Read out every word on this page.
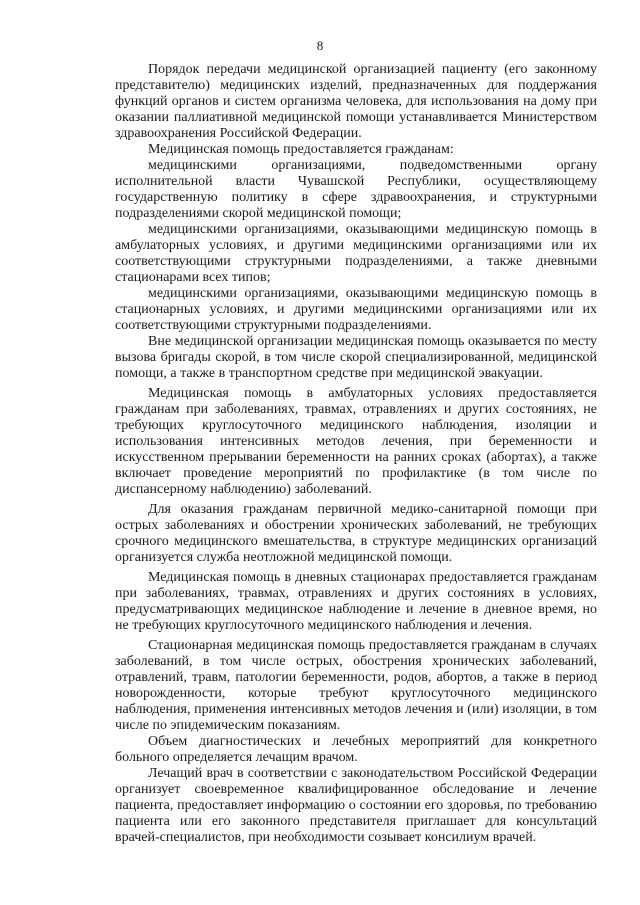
8

Порядок передачи медицинской организацией пациенту (его законному представителю) медицинских изделий, предназначенных для поддержания функций органов и систем организма человека, для использования на дому при оказании паллиативной медицинской помощи устанавливается Министерством здравоохранения Российской Федерации.

Медицинская помощь предоставляется гражданам:

медицинскими организациями, подведомственными органу исполнительной власти Чувашской Республики, осуществляющему государственную политику в сфере здравоохранения, и структурными подразделениями скорой медицинской помощи;

медицинскими организациями, оказывающими медицинскую помощь в амбулаторных условиях, и другими медицинскими организациями или их соответствующими структурными подразделениями, а также дневными стационарами всех типов;

медицинскими организациями, оказывающими медицинскую помощь в стационарных условиях, и другими медицинскими организациями или их соответствующими структурными подразделениями.

Вне медицинской организации медицинская помощь оказывается по месту вызова бригады скорой, в том числе скорой специализированной, медицинской помощи, а также в транспортном средстве при медицинской эвакуации.

Медицинская помощь в амбулаторных условиях предоставляется гражданам при заболеваниях, травмах, отравлениях и других состояниях, не требующих круглосуточного медицинского наблюдения, изоляции и использования интенсивных методов лечения, при беременности и искусственном прерывании беременности на ранних сроках (абортах), а также включает проведение мероприятий по профилактике (в том числе по диспансерному наблюдению) заболеваний.

Для оказания гражданам первичной медико-санитарной помощи при острых заболеваниях и обострении хронических заболеваний, не требующих срочного медицинского вмешательства, в структуре медицинских организаций организуется служба неотложной медицинской помощи.

Медицинская помощь в дневных стационарах предоставляется гражданам при заболеваниях, травмах, отравлениях и других состояниях в условиях, предусматривающих медицинское наблюдение и лечение в дневное время, но не требующих круглосуточного медицинского наблюдения и лечения.

Стационарная медицинская помощь предоставляется гражданам в случаях заболеваний, в том числе острых, обострения хронических заболеваний, отравлений, травм, патологии беременности, родов, абортов, а также в период новорожденности, которые требуют круглосуточного медицинского наблюдения, применения интенсивных методов лечения и (или) изоляции, в том числе по эпидемическим показаниям.

Объем диагностических и лечебных мероприятий для конкретного больного определяется лечащим врачом.

Лечащий врач в соответствии с законодательством Российской Федерации организует своевременное квалифицированное обследование и лечение пациента, предоставляет информацию о состоянии его здоровья, по требованию пациента или его законного представителя приглашает для консультаций врачей-специалистов, при необходимости созывает консилиум врачей.
